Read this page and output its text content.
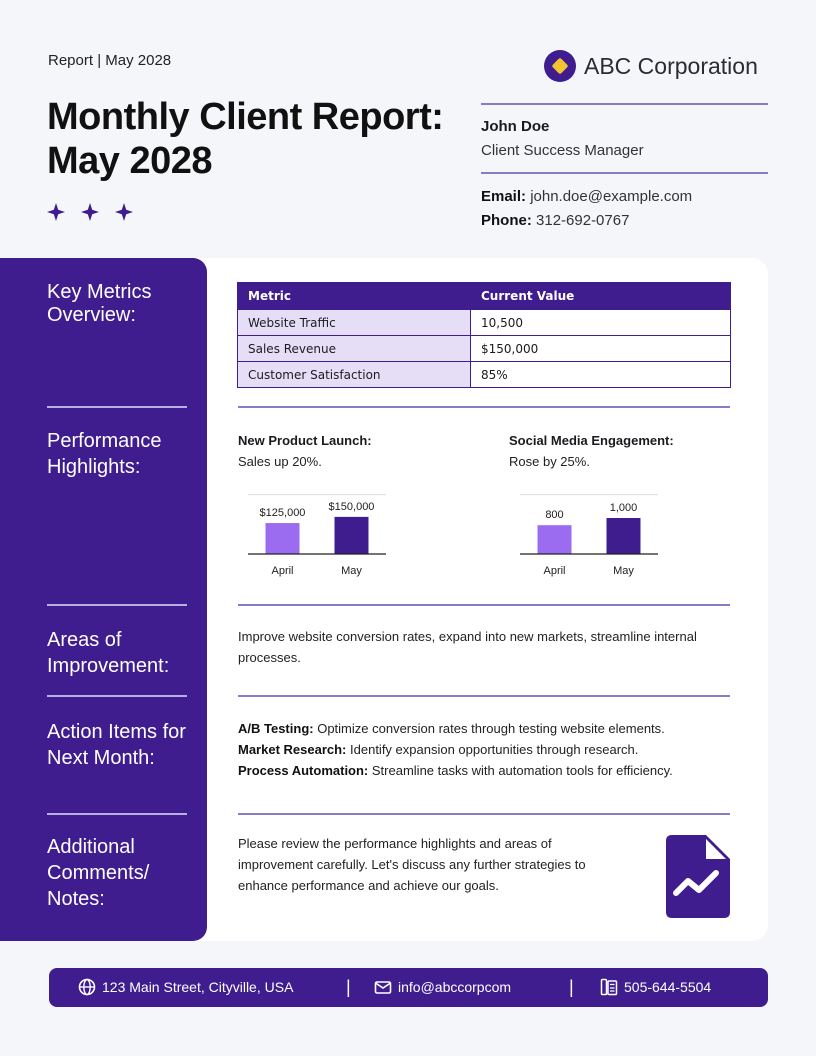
Report | May 2028
Monthly Client Report: May 2028
ABC Corporation
John Doe
Client Success Manager
Email: john.doe@example.com
Phone: 312-692-0767
Key Metrics Overview:
Performance Highlights:
Areas of Improvement:
Action Items for Next Month:
Additional Comments/ Notes:
Metric	Current Value
Website Traffic	10,500
Sales Revenue	$150,000
Customer Satisfaction	85%
New Product Launch:
Sales up 20%.
Social Media Engagement:
Rose by 25%.
$125,000
April
$150,000
May
800
April
1,000
May
Improve website conversion rates, expand into new markets, streamline internal processes.
A/B Testing: Optimize conversion rates through testing website elements.
Market Research: Identify expansion opportunities through research.
Process Automation: Streamline tasks with automation tools for efficiency.
Please review the performance highlights and areas of improvement carefully. Let's discuss any further strategies to enhance performance and achieve our goals.
123 Main Street, Cityville, USA	|	info@abccorpcom	|	505-644-5504
